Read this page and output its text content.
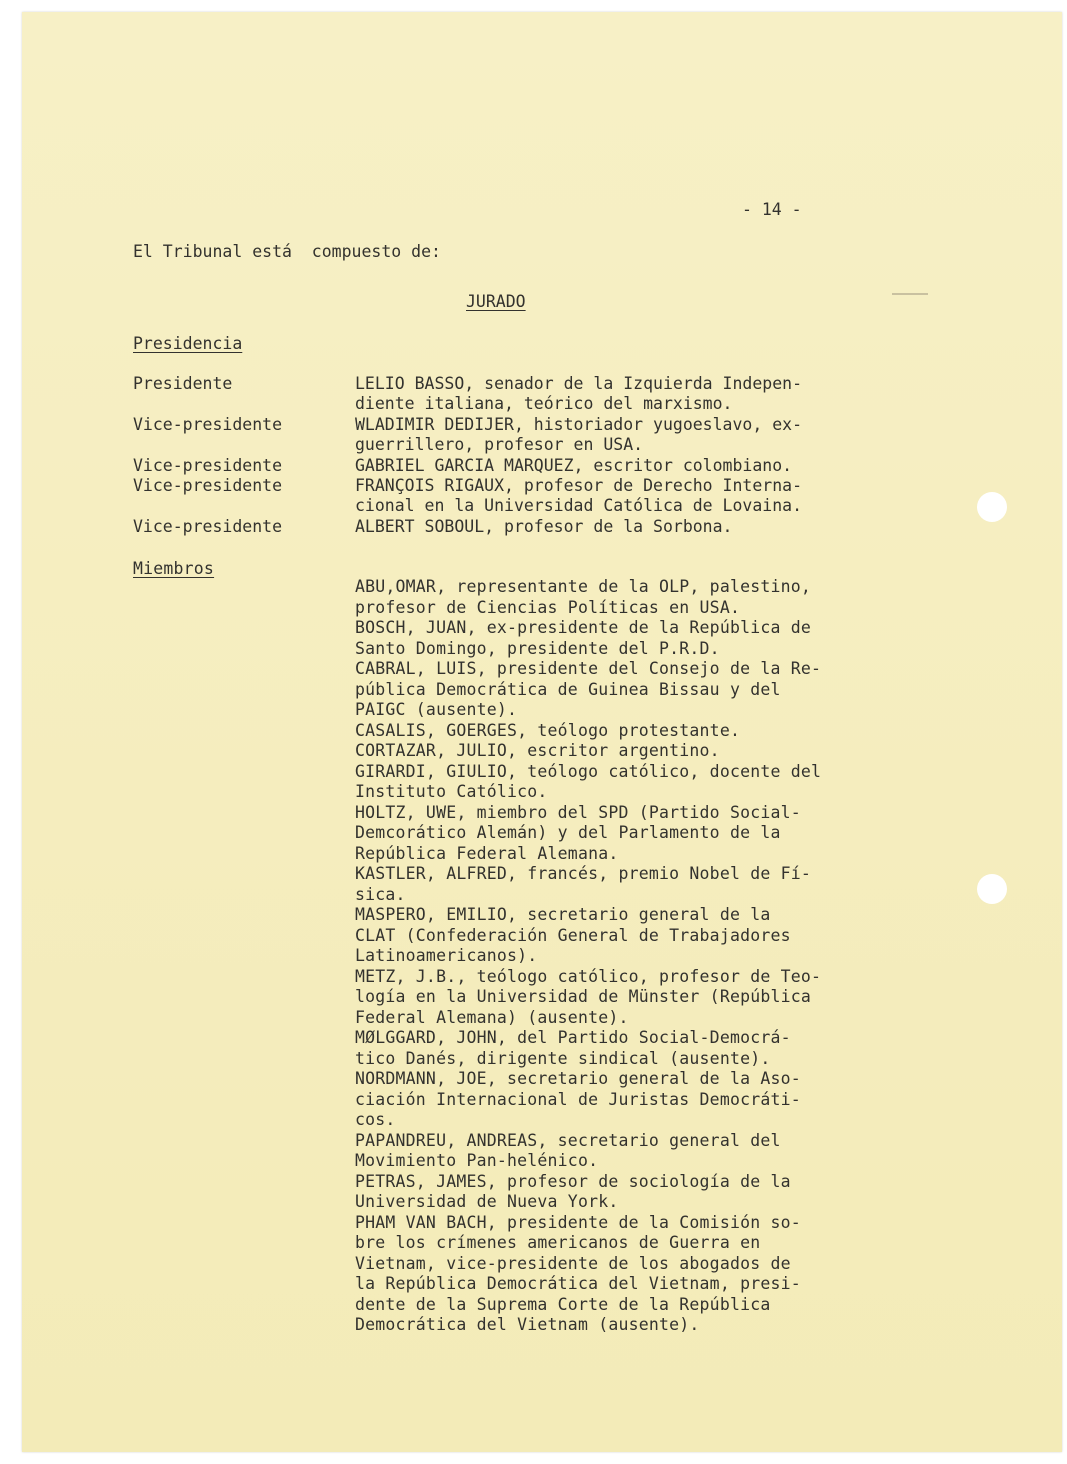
- 14 -
El Tribunal está  compuesto de:
JURADO
Presidencia
Presidente
Vice-presidente
Vice-presidente
Vice-presidente
Vice-presidente
LELIO BASSO, senador de la Izquierda Indepen-
diente italiana, teórico del marxismo.
WLADIMIR DEDIJER, historiador yugoeslavo, ex-
guerrillero, profesor en USA.
GABRIEL GARCIA MARQUEZ, escritor colombiano.
FRANÇOIS RIGAUX, profesor de Derecho Interna-
cional en la Universidad Católica de Lovaina.
ALBERT SOBOUL, profesor de la Sorbona.
Miembros
ABU,OMAR, representante de la OLP, palestino,
profesor de Ciencias Políticas en USA.
BOSCH, JUAN, ex-presidente de la República de
Santo Domingo, presidente del P.R.D.
CABRAL, LUIS, presidente del Consejo de la Re-
pública Democrática de Guinea Bissau y del
PAIGC (ausente).
CASALIS, GOERGES, teólogo protestante.
CORTAZAR, JULIO, escritor argentino.
GIRARDI, GIULIO, teólogo católico, docente del
Instituto Católico.
HOLTZ, UWE, miembro del SPD (Partido Social-
Demcorático Alemán) y del Parlamento de la
República Federal Alemana.
KASTLER, ALFRED, francés, premio Nobel de Fí-
sica.
MASPERO, EMILIO, secretario general de la
CLAT (Confederación General de Trabajadores
Latinoamericanos).
METZ, J.B., teólogo católico, profesor de Teo-
logía en la Universidad de Münster (República
Federal Alemana) (ausente).
MØLGGARD, JOHN, del Partido Social-Democrá-
tico Danés, dirigente sindical (ausente).
NORDMANN, JOE, secretario general de la Aso-
ciación Internacional de Juristas Democráti-
cos.
PAPANDREU, ANDREAS, secretario general del
Movimiento Pan-helénico.
PETRAS, JAMES, profesor de sociología de la
Universidad de Nueva York.
PHAM VAN BACH, presidente de la Comisión so-
bre los crímenes americanos de Guerra en
Vietnam, vice-presidente de los abogados de
la República Democrática del Vietnam, presi-
dente de la Suprema Corte de la República
Democrática del Vietnam (ausente).
